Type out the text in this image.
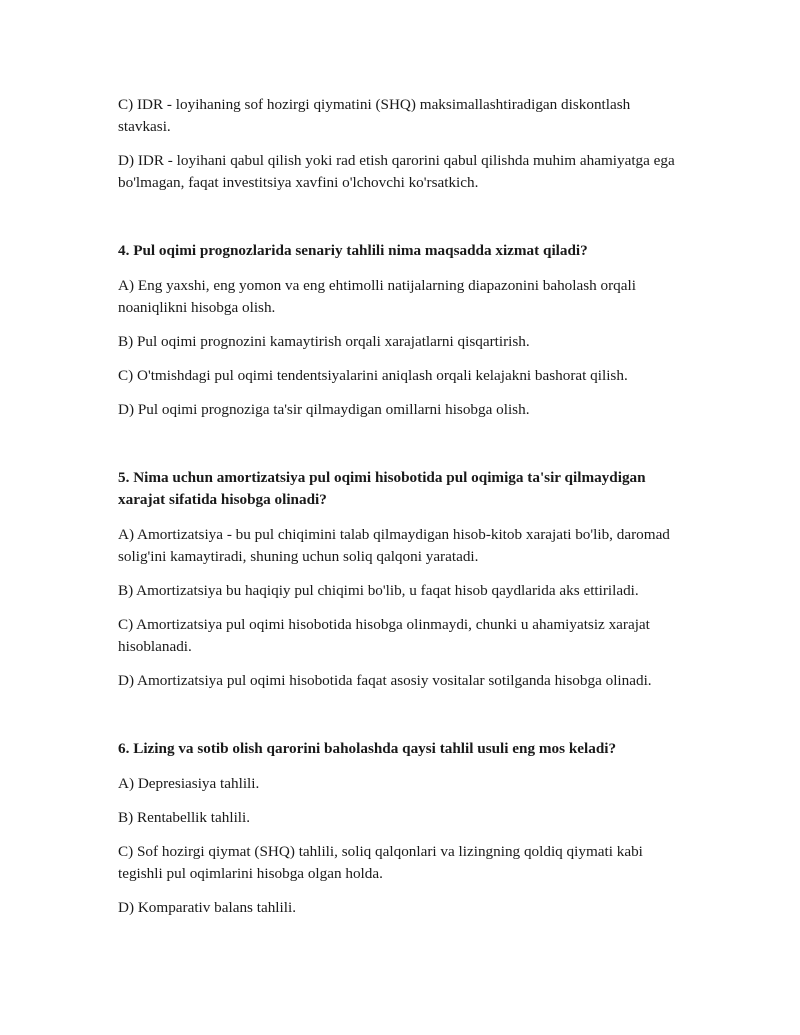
C) IDR - loyihaning sof hozirgi qiymatini (SHQ) maksimallashtiradigan diskontlash stavkasi.

D) IDR - loyihani qabul qilish yoki rad etish qarorini qabul qilishda muhim ahamiyatga ega bo'lmagan, faqat investitsiya xavfini o'lchovchi ko'rsatkich.

4. Pul oqimi prognozlarida senariy tahlili nima maqsadda xizmat qiladi?

A) Eng yaxshi, eng yomon va eng ehtimolli natijalarning diapazonini baholash orqali noaniqlikni hisobga olish.

B) Pul oqimi prognozini kamaytirish orqali xarajatlarni qisqartirish.

C) O'tmishdagi pul oqimi tendentsiyalarini aniqlash orqali kelajakni bashorat qilish.

D) Pul oqimi prognoziga ta'sir qilmaydigan omillarni hisobga olish.

5. Nima uchun amortizatsiya pul oqimi hisobotida pul oqimiga ta'sir qilmaydigan xarajat sifatida hisobga olinadi?

A) Amortizatsiya - bu pul chiqimini talab qilmaydigan hisob-kitob xarajati bo'lib, daromad solig'ini kamaytiradi, shuning uchun soliq qalqoni yaratadi.

B) Amortizatsiya bu haqiqiy pul chiqimi bo'lib, u faqat hisob qaydlarida aks ettiriladi.

C) Amortizatsiya pul oqimi hisobotida hisobga olinmaydi, chunki u ahamiyatsiz xarajat hisoblanadi.

D) Amortizatsiya pul oqimi hisobotida faqat asosiy vositalar sotilganda hisobga olinadi.

6. Lizing va sotib olish qarorini baholashda qaysi tahlil usuli eng mos keladi?

A) Depresiasiya tahlili.

B) Rentabellik tahlili.

C) Sof hozirgi qiymat (SHQ) tahlili, soliq qalqonlari va lizingning qoldiq qiymati kabi tegishli pul oqimlarini hisobga olgan holda.

D) Komparativ balans tahlili.
